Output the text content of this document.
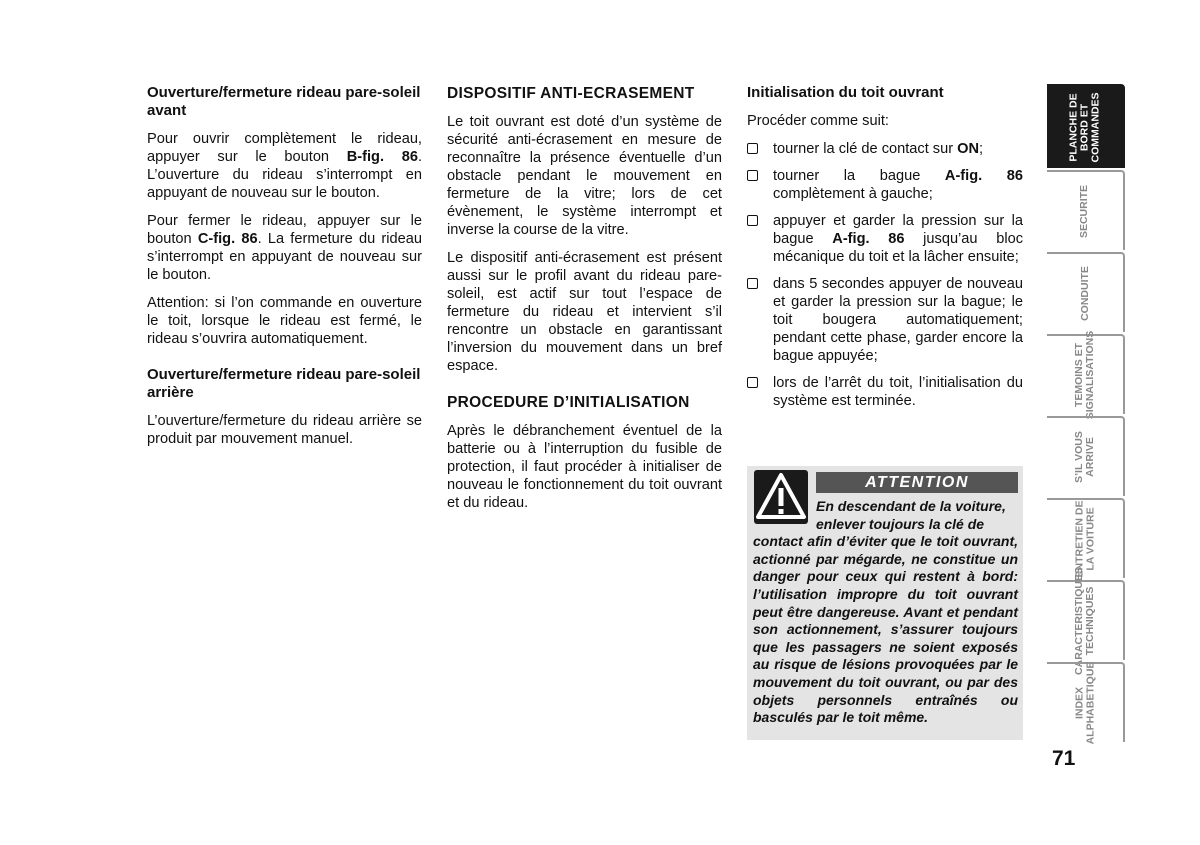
Ouverture/fermeture rideau pare-soleil avant

Pour ouvrir complètement le rideau, appuyer sur le bouton B-fig. 86. L’ouverture du rideau s’interrompt en appuyant de nouveau sur le bouton.

Pour fermer le rideau, appuyer sur le bouton C-fig. 86. La fermeture du rideau s’interrompt en appuyant de nouveau sur le bouton.

Attention: si l’on commande en ouverture le toit, lorsque le rideau est fermé, le rideau s’ouvrira automatiquement.

Ouverture/fermeture rideau pare-soleil arrière

L’ouverture/fermeture du rideau arrière se produit par mouvement manuel.

DISPOSITIF ANTI-ECRASEMENT

Le toit ouvrant est doté d’un système de sécurité anti-écrasement en mesure de reconnaître la présence éventuelle d’un obstacle pendant le mouvement en fermeture de la vitre; lors de cet évènement, le système interrompt et inverse la course de la vitre.

Le dispositif anti-écrasement est présent aussi sur le profil avant du rideau pare-soleil, est actif sur tout l’espace de fermeture du rideau et intervient s’il rencontre un obstacle en garantissant l’inversion du mouvement dans un bref espace.

PROCEDURE D’INITIALISATION

Après le débranchement éventuel de la batterie ou à l’interruption du fusible de protection, il faut procéder à initialiser de nouveau le fonctionnement du toit ouvrant et du rideau.

Initialisation du toit ouvrant

Procéder comme suit:

tourner la clé de contact sur ON;
tourner la bague A-fig. 86 complètement à gauche;
appuyer et garder la pression sur la bague A-fig. 86 jusqu’au bloc mécanique du toit et la lâcher ensuite;
dans 5 secondes appuyer de nouveau et garder la pression sur la bague; le toit bougera automatiquement; pendant cette phase, garder encore la bague appuyée;
lors de l’arrêt du toit, l’initialisation du système est terminée.
ATTENTION
En descendant de la voiture,
enlever toujours la clé de
contact afin d’éviter que le toit ouvrant, actionné par mégarde, ne constitue un danger pour ceux qui restent à bord: l’utilisation impropre du toit ouvrant peut être dangereuse. Avant et pendant son actionnement, s’assurer toujours que les passagers ne soient exposés au risque de lésions provoquées par le mouvement du toit ouvrant, ou par des objets personnels entraînés ou basculés par le toit même.
PLANCHE DE
BORD ET
COMMANDES
SECURITE
CONDUITE
TEMOINS ET
SIGNALISATIONS
S’IL VOUS
ARRIVE
ENTRETIEN DE
LA VOITURE
CARACTERISTIQUES
TECHNIQUES
INDEX
ALPHABETIQUE
71
